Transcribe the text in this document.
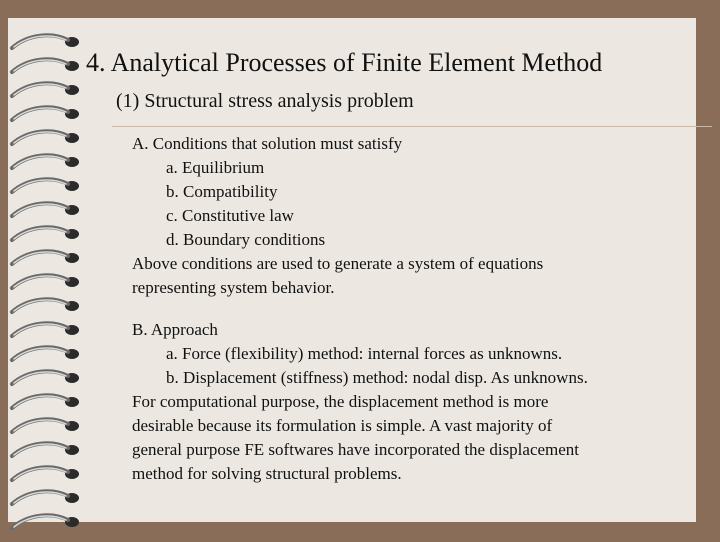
4. Analytical Processes of Finite Element Method
(1) Structural stress analysis problem
A. Conditions that solution must satisfy
a. Equilibrium
b. Compatibility
c. Constitutive law
d. Boundary conditions
Above conditions are used to generate a system of equations
representing system behavior.
B. Approach
a. Force (flexibility) method: internal forces as unknowns.
b. Displacement (stiffness) method: nodal disp. As unknowns.
For computational purpose, the displacement method is more
desirable because its formulation is simple. A vast majority of
general purpose FE softwares have incorporated the displacement
method for solving structural problems.
